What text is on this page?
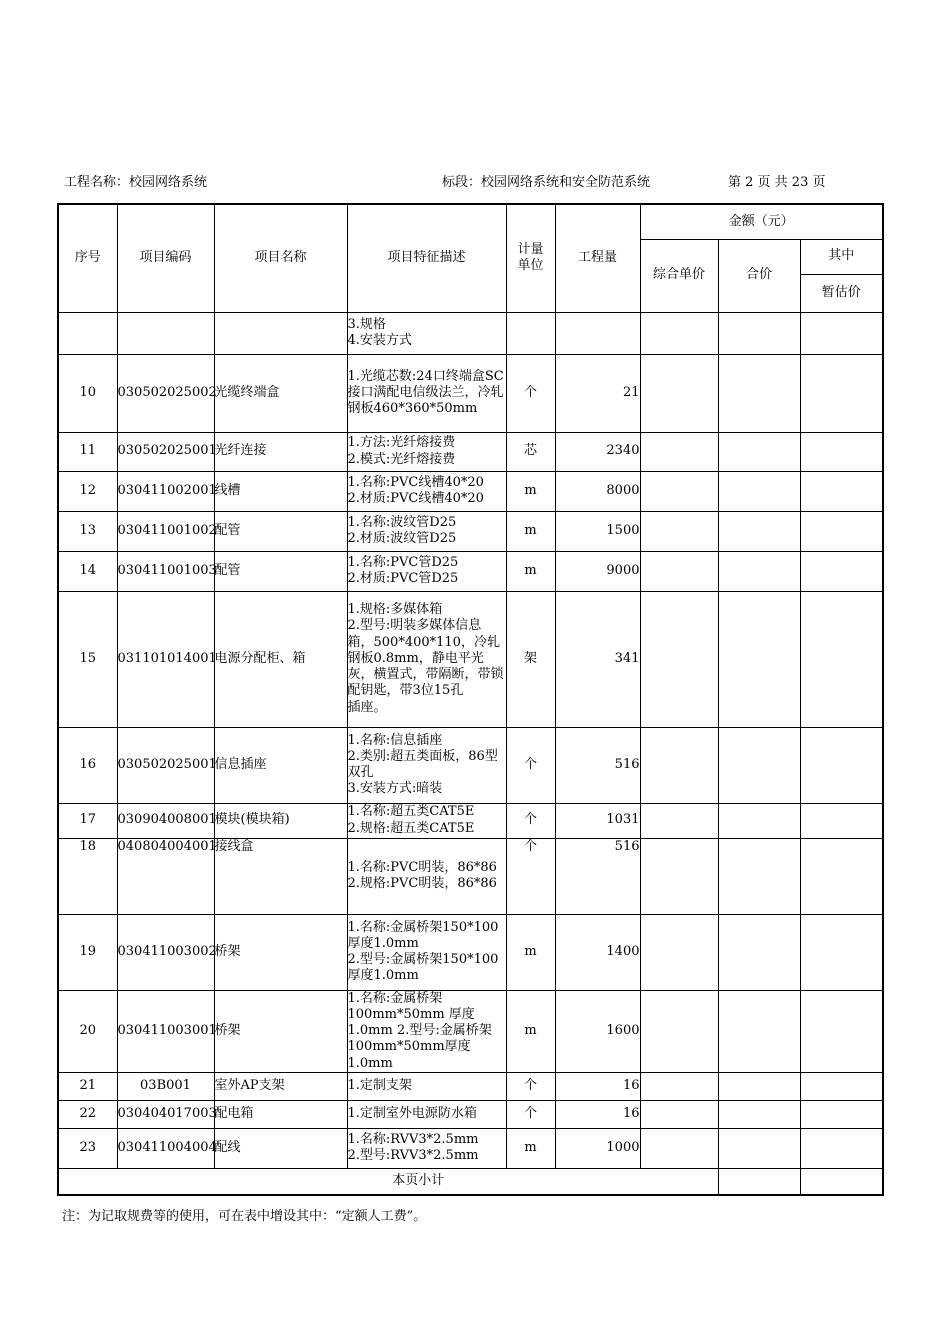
工程名称：校园网络系统	标段：校园网络系统和安全防范系统	第 2 页 共 23 页
序号	项目编码	项目名称	项目特征描述	计量单位	工程量	金额（元）		
						综合单价	合价	其中
								暂估价

			3.规格
4.安装方式					

10	030502025002	光缆终端盒	1.光缆芯数:24口终端盒SC接口满配电信级法兰，冷轧钢板460*360*50mm	个	21			
11	030502025001	光纤连接	1.方法:光纤熔接费
2.模式:光纤熔接费	芯	2340			
12	030411002001	线槽	1.名称:PVC线槽40*20
2.材质:PVC线槽40*20	m	8000			
13	030411001002	配管	1.名称:波纹管D25
2.材质:波纹管D25	m	1500			
14	030411001003	配管	1.名称:PVC管D25
2.材质:PVC管D25	m	9000			
15	031101014001	电源分配柜、箱	1.规格:多媒体箱
2.型号:明装多媒体信息箱，500*400*110，冷轧钢板0.8mm，静电平光灰，横置式，带隔断，带锁配钥匙，带3位15孔
插座。	架	341			
16	030502025001	信息插座	1.名称:信息插座
2.类别:超五类面板，86型双孔
3.安装方式:暗装	个	516			
17	030904008001	模块(模块箱)	1.名称:超五类CAT5E
2.规格:超五类CAT5E	个	1031			
18	040804004001	接线盒	1.名称:PVC明装，86*86
2.规格:PVC明装，86*86	个	516			
19	030411003002	桥架	1.名称:金属桥架150*100 厚度1.0mm
2.型号:金属桥架150*100 厚度1.0mm	m	1400			
20	030411003001	桥架	1.名称:金属桥架100mm*50mm 厚度1.0mm 2.型号:金属桥架100mm*50mm厚度1.0mm	m	1600			
21	03B001	室外AP支架	1.定制支架	个	16			
22	030404017003	配电箱	1.定制室外电源防水箱	个	16			
23	030411004004	配线	1.名称:RVV3*2.5mm
2.型号:RVV3*2.5mm	m	1000			
本页小计								
注：为记取规费等的使用，可在表中增设其中：“定额人工费”。
